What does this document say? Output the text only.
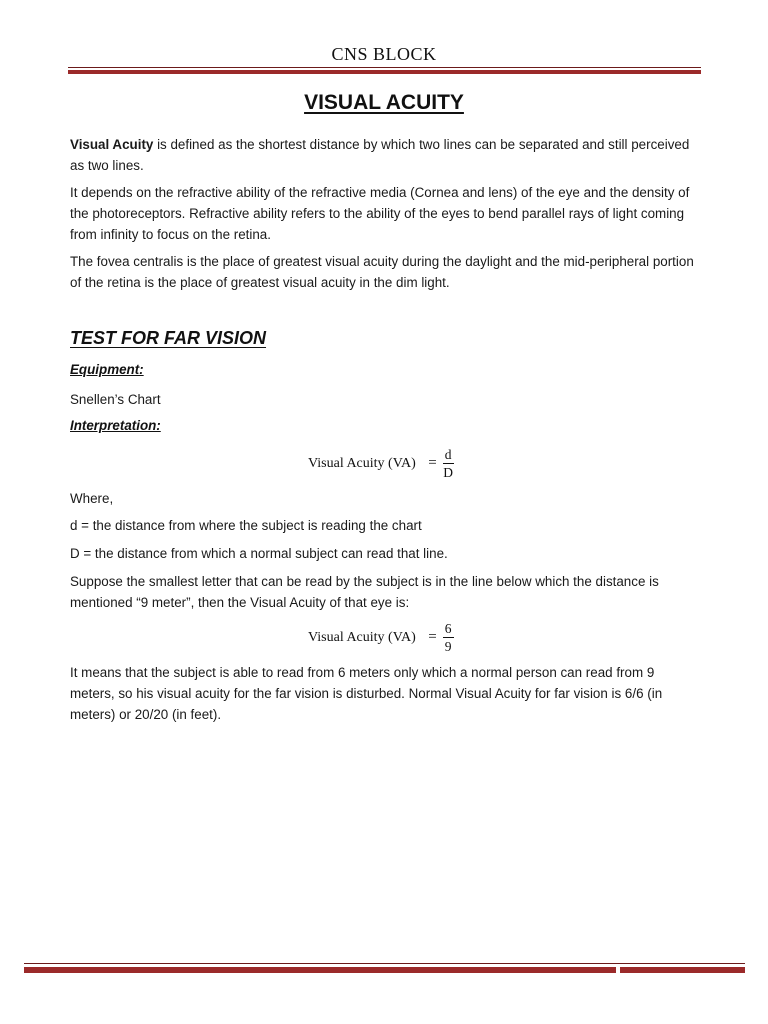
CNS BLOCK
VISUAL ACUITY

Visual Acuity is defined as the shortest distance by which two lines can be separated and still perceived as two lines.

It depends on the refractive ability of the refractive media (Cornea and lens) of the eye and the density of the photoreceptors. Refractive ability refers to the ability of the eyes to bend parallel rays of light coming from infinity to focus on the retina.

The fovea centralis is the place of greatest visual acuity during the daylight and the mid-peripheral portion of the retina is the place of greatest visual acuity in the dim light.

TEST FOR FAR VISION

Equipment:

Snellen’s Chart

Interpretation:

Visual Acuity $(VA) = \frac{d}{D}$

Where,

d = the distance from where the subject is reading the chart

D = the distance from which a normal subject can read that line.

Suppose the smallest letter that can be read by the subject is in the line below which the distance is mentioned “9 meter”, then the Visual Acuity of that eye is:

Visual Acuity $(VA) = \frac{6}{9}$

It means that the subject is able to read from 6 meters only which a normal person can read from 9 meters, so his visual acuity for the far vision is disturbed. Normal Visual Acuity for far vision is 6/6 (in meters) or 20/20 (in feet).
